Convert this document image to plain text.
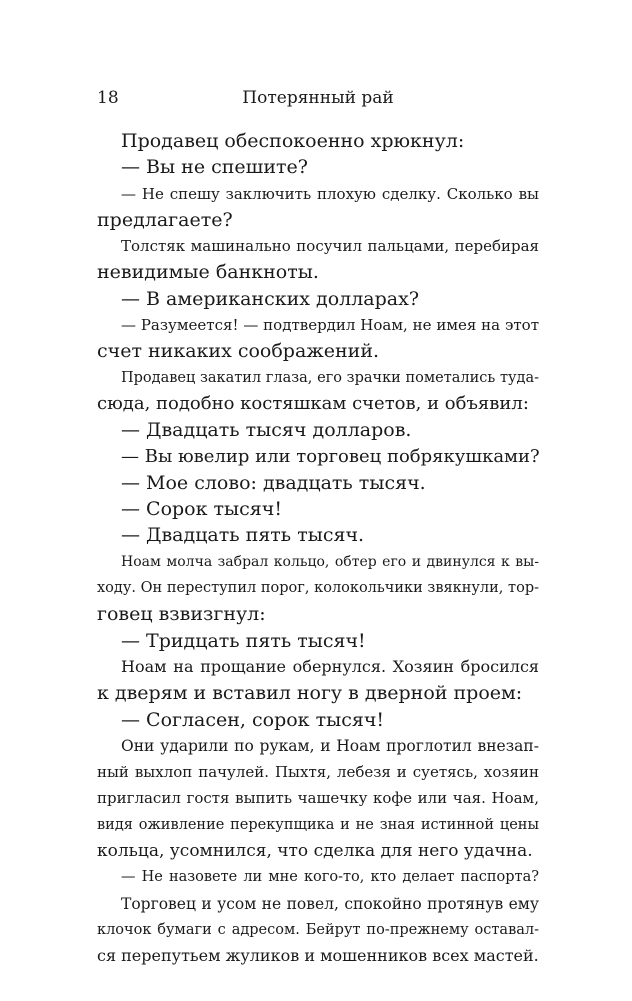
18	Потерянный рай
Продавец обеспокоенно хрюкнул:
— Вы не спешите?
— Не спешу заключить плохую сделку. Сколько вы
предлагаете?
Толстяк машинально посучил пальцами, перебирая
невидимые банкноты.
— В американских долларах?
— Разумеется! — подтвердил Ноам, не имея на этот
счет никаких соображений.
Продавец закатил глаза, его зрачки пометались туда-
сюда, подобно костяшкам счетов, и объявил:
— Двадцать тысяч долларов.
— Вы ювелир или торговец побрякушками?
— Мое слово: двадцать тысяч.
— Сорок тысяч!
— Двадцать пять тысяч.
Ноам молча забрал кольцо, обтер его и двинулся к вы-
ходу. Он переступил порог, колокольчики звякнули, тор-
говец взвизгнул:
— Тридцать пять тысяч!
Ноам на прощание обернулся. Хозяин бросился
к дверям и вставил ногу в дверной проем:
— Согласен, сорок тысяч!
Они ударили по рукам, и Ноам проглотил внезап-
ный выхлоп пачулей. Пыхтя, лебезя и суетясь, хозяин
пригласил гостя выпить чашечку кофе или чая. Ноам,
видя оживление перекупщика и не зная истинной цены
кольца, усомнился, что сделка для него удачна.
— Не назовете ли мне кого-то, кто делает паспорта?
Торговец и усом не повел, спокойно протянув ему
клочок бумаги с адресом. Бейрут по-прежнему оставал-
ся перепутьем жуликов и мошенников всех мастей.
